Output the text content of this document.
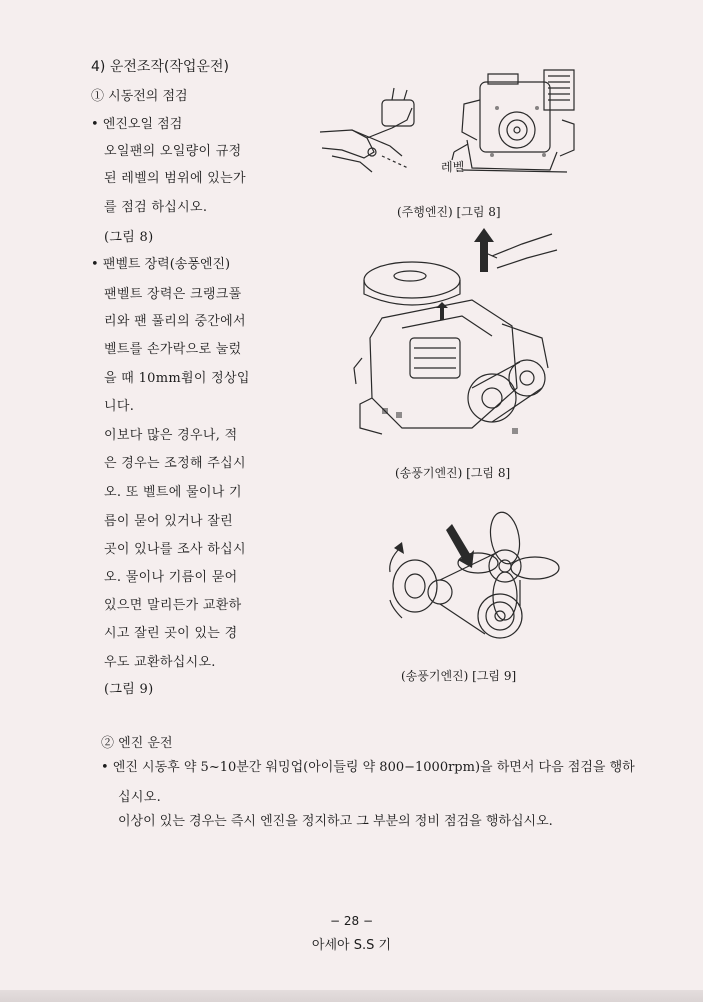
4) 운전조작(작업운전)
① 시동전의 점검
• 엔진오일 점검
오일팬의 오일량이 규정
된 레벨의 범위에 있는가
를 점검 하십시오.
(그림 8)
• 팬벨트 장력(송풍엔진)
팬벨트 장력은 크랭크풀
리와 팬 풀리의 중간에서
벨트를 손가락으로 눌렀
을 때 10mm휨이 정상입
니다.
이보다 많은 경우나, 적
은 경우는 조정해 주십시
오. 또 벨트에 물이나 기
름이 묻어 있거나 잘린
곳이 있나를 조사 하십시
오. 물이나 기름이 묻어
있으면 말리든가 교환하
시고 잘린 곳이 있는 경
우도 교환하십시오.
(그림 9)
레벨
(주행엔진) [그림 8]
(송풍기엔진) [그림 8]
(송풍기엔진) [그림 9]
② 엔진 운전
• 엔진 시동후 약 5~10분간 워밍업(아이들링 약 800−1000rpm)을 하면서 다음 점검을 행하
십시오.
이상이 있는 경우는 즉시 엔진을 정지하고 그 부분의 정비 점검을 행하십시오.
− 28 −
아세아 S.S 기
